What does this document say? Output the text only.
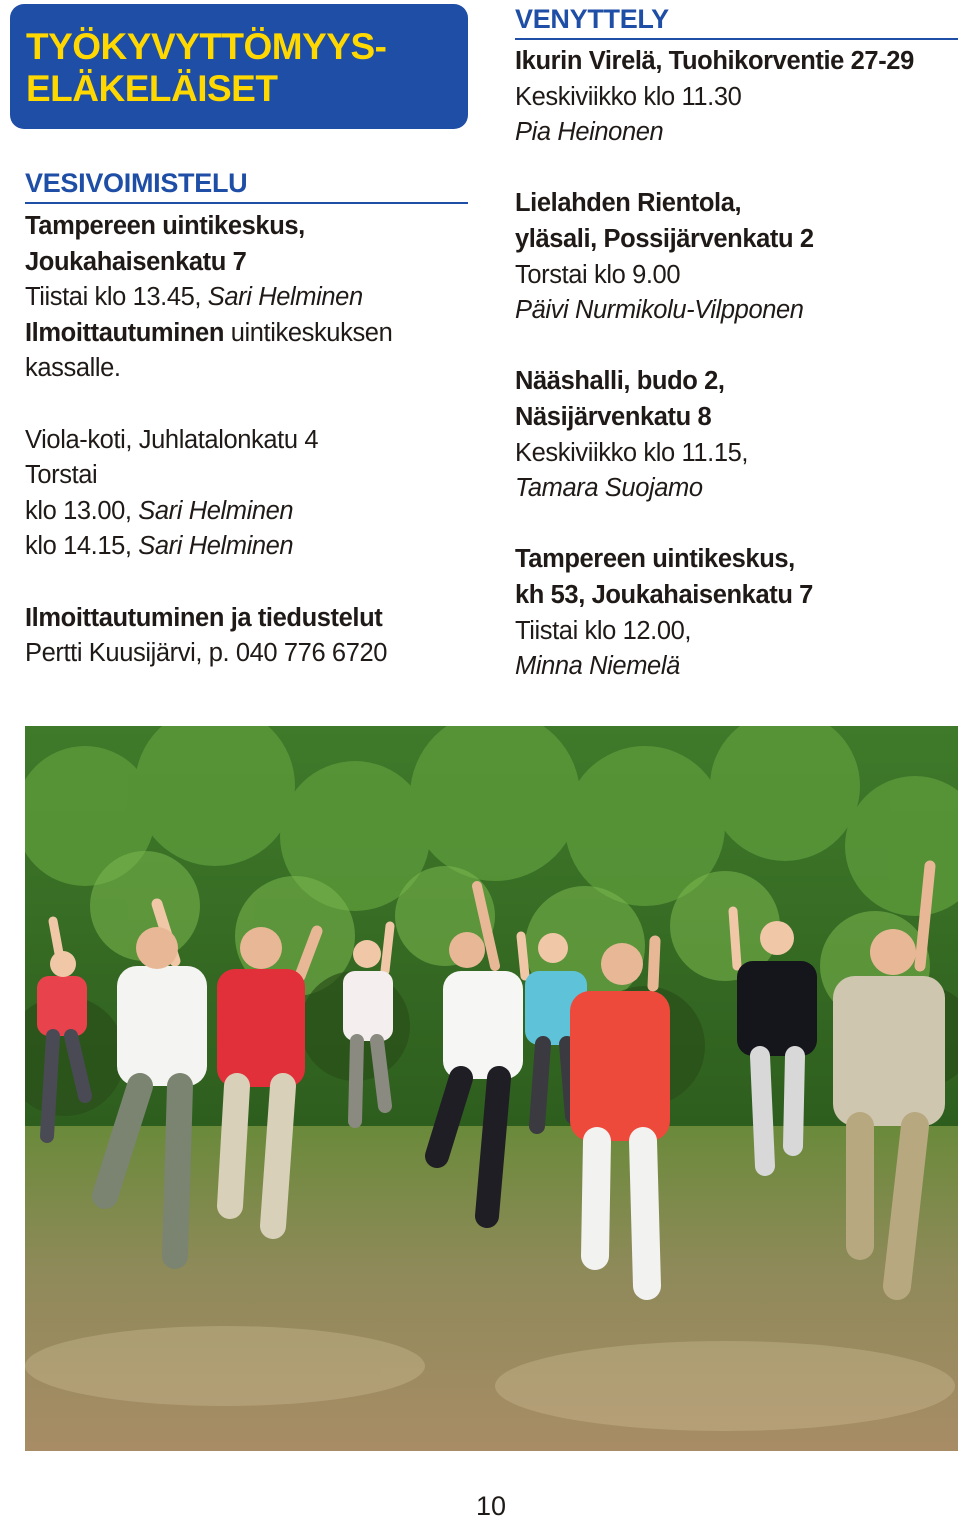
TYÖKYVYTTÖMYYS-
ELÄKELÄISET
VESIVOIMISTELU
Tampereen uintikeskus,
Joukahaisenkatu 7
Tiistai klo 13.45, Sari Helminen
Ilmoittautuminen uintikeskuksen
kassalle.
Viola-koti, Juhlatalonkatu 4
Torstai
klo 13.00, Sari Helminen
klo 14.15, Sari Helminen
Ilmoittautuminen ja tiedustelut
Pertti Kuusijärvi, p. 040 776 6720
VENYTTELY
Ikurin Virelä, Tuohikorventie 27-29
Keskiviikko klo 11.30
Pia Heinonen
Lielahden Rientola,
yläsali, Possijärvenkatu 2
Torstai klo 9.00
Päivi Nurmikolu-Vilpponen
Nääshalli, budo 2,
Näsijärvenkatu 8
Keskiviikko klo 11.15,
Tamara Suojamo
Tampereen uintikeskus,
kh 53, Joukahaisenkatu 7
Tiistai klo 12.00,
Minna Niemelä
10
